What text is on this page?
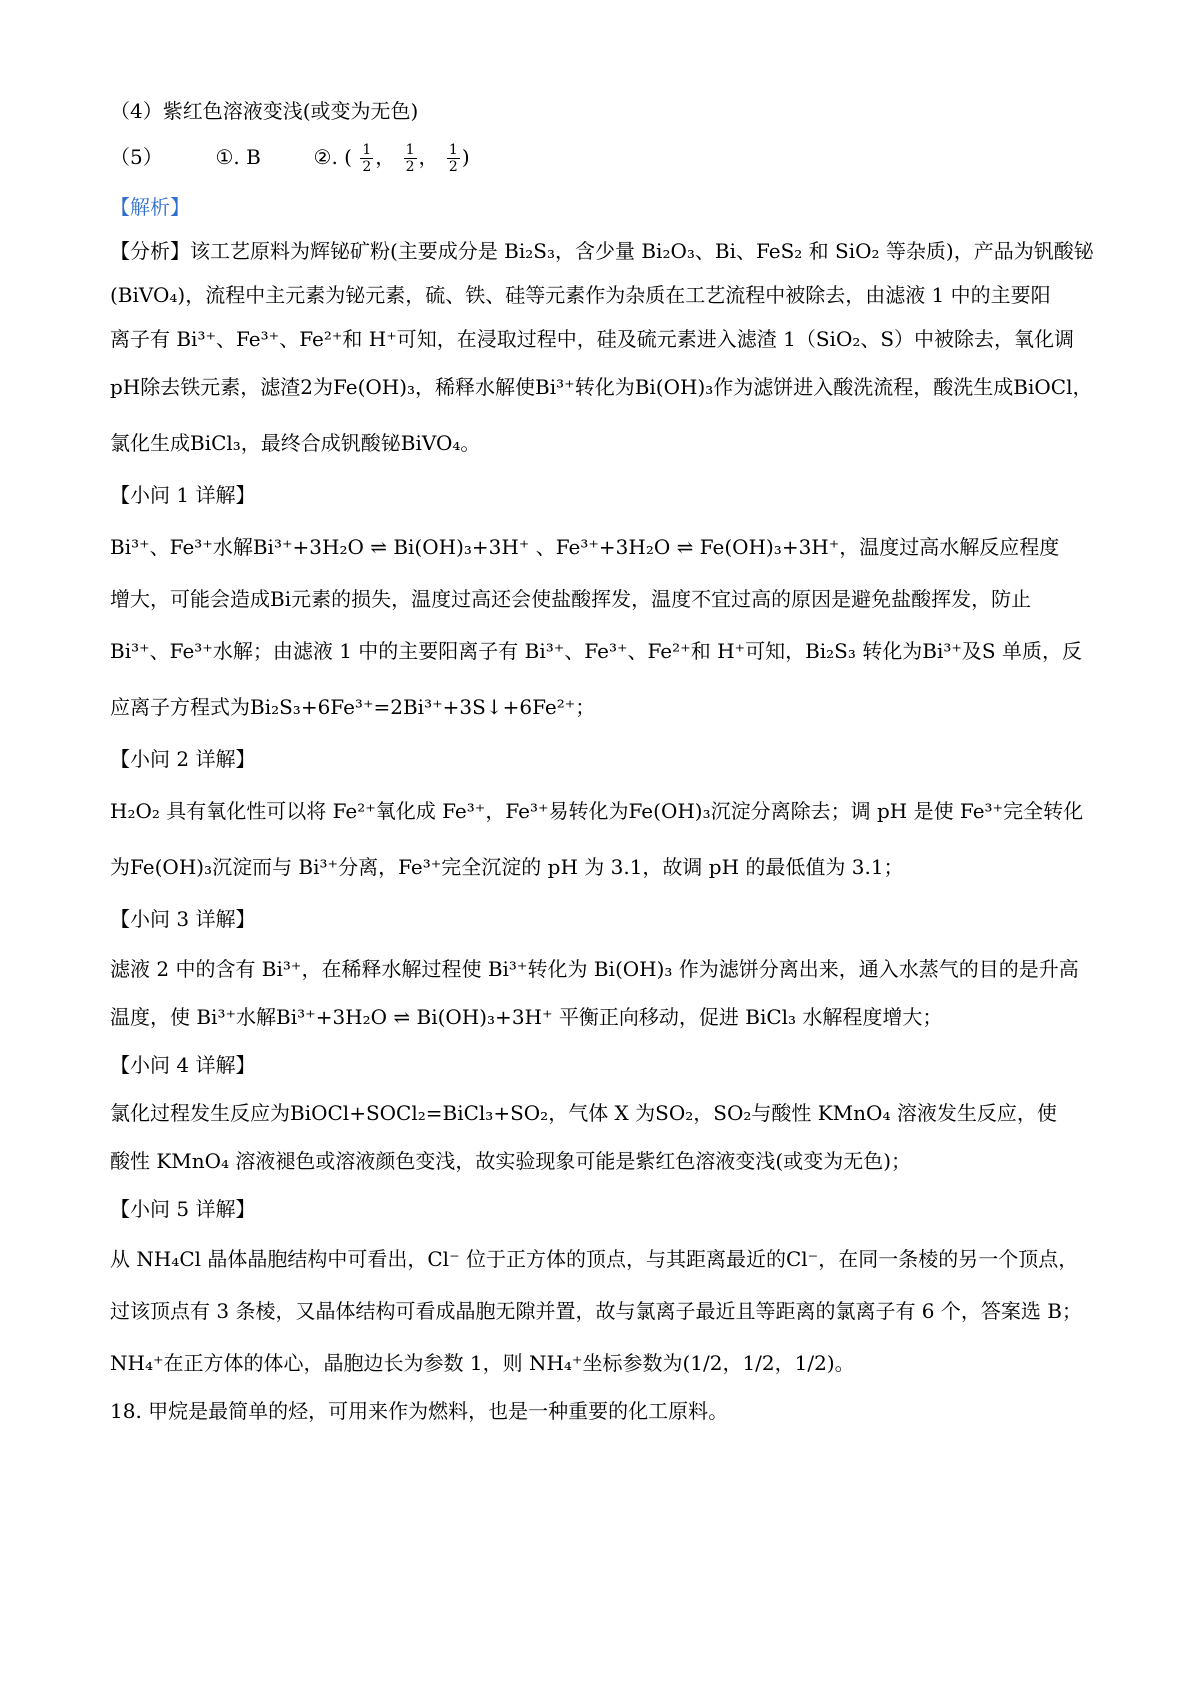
（4）紫红色溶液变浅(或变为无色)
（5）	①. B	②. ( $\frac{1}{2}$ ， $\frac{1}{2}$ ， $\frac{1}{2}$ )
【解析】
【分析】该工艺原料为辉铋矿粉(主要成分是 Bi₂S₃，含少量 Bi₂O₃、Bi、FeS₂ 和 SiO₂ 等杂质)，产品为钒酸铋
(BiVO₄)，流程中主元素为铋元素，硫、铁、硅等元素作为杂质在工艺流程中被除去，由滤液 1 中的主要阳
离子有 Bi³⁺、Fe³⁺、Fe²⁺和 H⁺可知，在浸取过程中，硅及硫元素进入滤渣 1（SiO₂、S）中被除去，氧化调
pH除去铁元素，滤渣2为Fe(OH)₃，稀释水解使Bi³⁺转化为Bi(OH)₃作为滤饼进入酸洗流程，酸洗生成BiOCl，
氯化生成BiCl₃，最终合成钒酸铋BiVO₄。
【小问 1 详解】
Bi³⁺、Fe³⁺水解Bi³⁺+3H₂O ⇌ Bi(OH)₃+3H⁺ 、Fe³⁺+3H₂O ⇌ Fe(OH)₃+3H⁺，温度过高水解反应程度
增大，可能会造成Bi元素的损失，温度过高还会使盐酸挥发，温度不宜过高的原因是避免盐酸挥发，防止
Bi³⁺、Fe³⁺水解；由滤液 1 中的主要阳离子有 Bi³⁺、Fe³⁺、Fe²⁺和 H⁺可知，Bi₂S₃ 转化为Bi³⁺及S 单质，反
应离子方程式为Bi₂S₃+6Fe³⁺=2Bi³⁺+3S↓+6Fe²⁺；
【小问 2 详解】
H₂O₂ 具有氧化性可以将 Fe²⁺氧化成 Fe³⁺，Fe³⁺易转化为Fe(OH)₃沉淀分离除去；调 pH 是使 Fe³⁺完全转化
为Fe(OH)₃沉淀而与 Bi³⁺分离，Fe³⁺完全沉淀的 pH 为 3.1，故调 pH 的最低值为 3.1；
【小问 3 详解】
滤液 2 中的含有 Bi³⁺，在稀释水解过程使 Bi³⁺转化为 Bi(OH)₃ 作为滤饼分离出来，通入水蒸气的目的是升高
温度，使 Bi³⁺水解Bi³⁺+3H₂O ⇌ Bi(OH)₃+3H⁺ 平衡正向移动，促进 BiCl₃ 水解程度增大；
【小问 4 详解】
氯化过程发生反应为BiOCl+SOCl₂=BiCl₃+SO₂，气体 X 为SO₂，SO₂与酸性 KMnO₄ 溶液发生反应，使
酸性 KMnO₄ 溶液褪色或溶液颜色变浅，故实验现象可能是紫红色溶液变浅(或变为无色)；
【小问 5 详解】
从 NH₄Cl 晶体晶胞结构中可看出，Cl⁻ 位于正方体的顶点，与其距离最近的Cl⁻，在同一条棱的另一个顶点，
过该顶点有 3 条棱，又晶体结构可看成晶胞无隙并置，故与氯离子最近且等距离的氯离子有 6 个，答案选 B；
NH₄⁺在正方体的体心，晶胞边长为参数 1，则 NH₄⁺坐标参数为(1/2，1/2，1/2)。
18. 甲烷是最简单的烃，可用来作为燃料，也是一种重要的化工原料。
